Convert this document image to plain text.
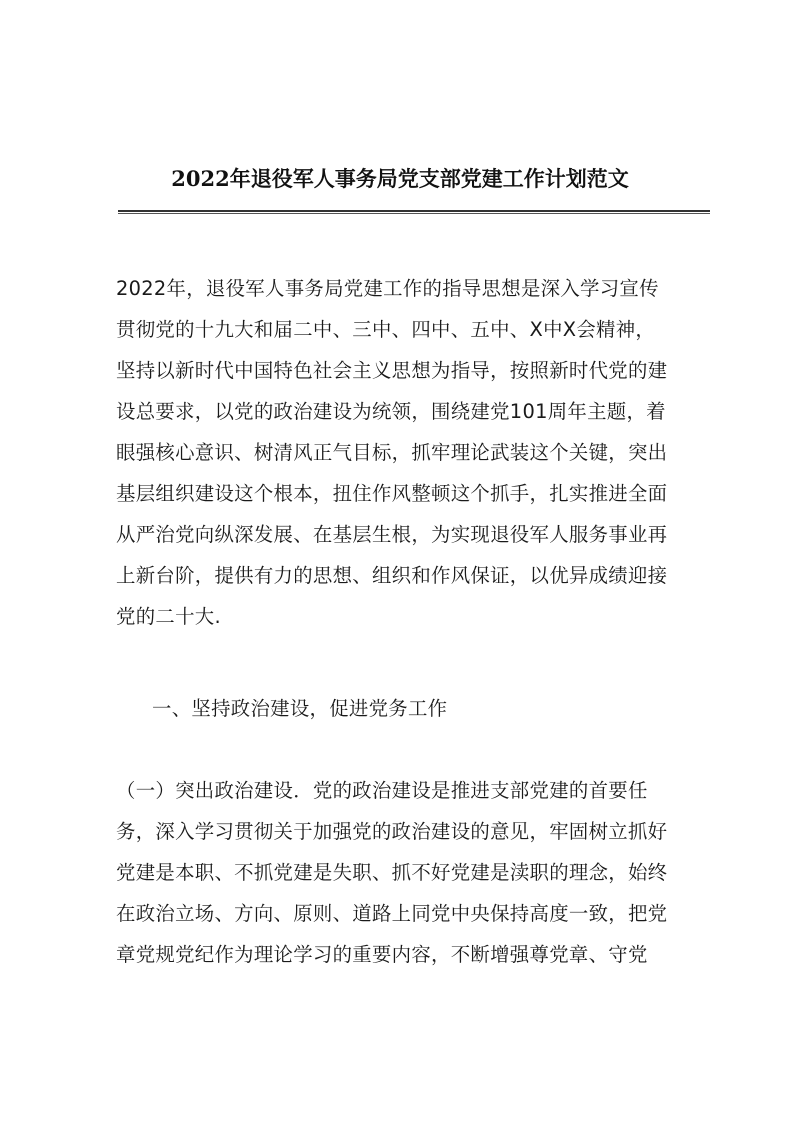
2022年退役军人事务局党支部党建工作计划范文
2022年，退役军人事务局党建工作的指导思想是深入学习宣传
贯彻党的十九大和届二中、三中、四中、五中、X中X会精神，
坚持以新时代中国特色社会主义思想为指导，按照新时代党的建
设总要求，以党的政治建设为统领，围绕建党101周年主题，着
眼强核心意识、树清风正气目标，抓牢理论武装这个关键，突出
基层组织建设这个根本，扭住作风整顿这个抓手，扎实推进全面
从严治党向纵深发展、在基层生根，为实现退役军人服务事业再
上新台阶，提供有力的思想、组织和作风保证，以优异成绩迎接
党的二十大.
一、坚持政治建设，促进党务工作
（一）突出政治建设．党的政治建设是推进支部党建的首要任
务，深入学习贯彻关于加强党的政治建设的意见，牢固树立抓好
党建是本职、不抓党建是失职、抓不好党建是渎职的理念，始终
在政治立场、方向、原则、道路上同党中央保持高度一致，把党
章党规党纪作为理论学习的重要内容，不断增强尊党章、守党
